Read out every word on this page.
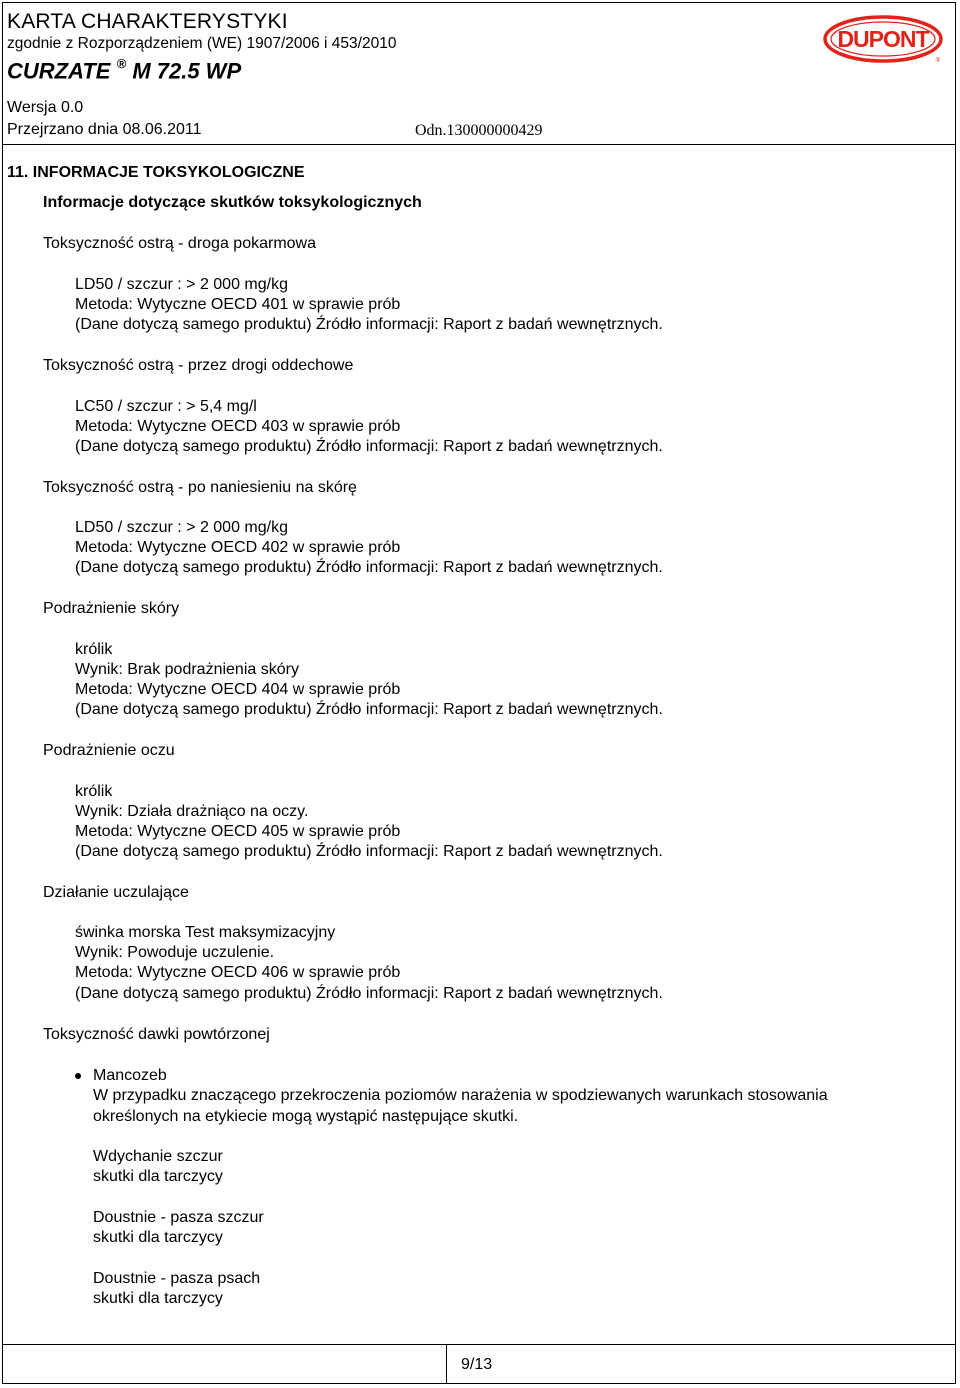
KARTA CHARAKTERYSTYKI
zgodnie z Rozporządzeniem (WE) 1907/2006 i 453/2010
CURZATE ® M 72.5 WP
Wersja 0.0
Przejrzano dnia 08.06.2011	Odn.130000000429
DUPONT
®
11. INFORMACJE TOKSYKOLOGICZNE
Informacje dotyczące skutków toksykologicznych
Toksyczność ostrą - droga pokarmowa
LD50 / szczur : > 2 000 mg/kg
Metoda: Wytyczne OECD 401 w sprawie prób
(Dane dotyczą samego produktu) Źródło informacji: Raport z badań wewnętrznych.
Toksyczność ostrą - przez drogi oddechowe
LC50 / szczur : > 5,4 mg/l
Metoda: Wytyczne OECD 403 w sprawie prób
(Dane dotyczą samego produktu) Źródło informacji: Raport z badań wewnętrznych.
Toksyczność ostrą - po naniesieniu na skórę
LD50 / szczur : > 2 000 mg/kg
Metoda: Wytyczne OECD 402 w sprawie prób
(Dane dotyczą samego produktu) Źródło informacji: Raport z badań wewnętrznych.
Podrażnienie skóry
królik
Wynik: Brak podrażnienia skóry
Metoda: Wytyczne OECD 404 w sprawie prób
(Dane dotyczą samego produktu) Źródło informacji: Raport z badań wewnętrznych.
Podrażnienie oczu
królik
Wynik: Działa drażniąco na oczy.
Metoda: Wytyczne OECD 405 w sprawie prób
(Dane dotyczą samego produktu) Źródło informacji: Raport z badań wewnętrznych.
Działanie uczulające
świnka morska Test maksymizacyjny
Wynik: Powoduje uczulenie.
Metoda: Wytyczne OECD 406 w sprawie prób
(Dane dotyczą samego produktu) Źródło informacji: Raport z badań wewnętrznych.
Toksyczność dawki powtórzonej
Mancozeb
W przypadku znaczącego przekroczenia poziomów narażenia w spodziewanych warunkach stosowania
określonych na etykiecie mogą wystąpić następujące skutki.
Wdychanie szczur
skutki dla tarczycy
Doustnie - pasza szczur
skutki dla tarczycy
Doustnie - pasza psach
skutki dla tarczycy
9/13
